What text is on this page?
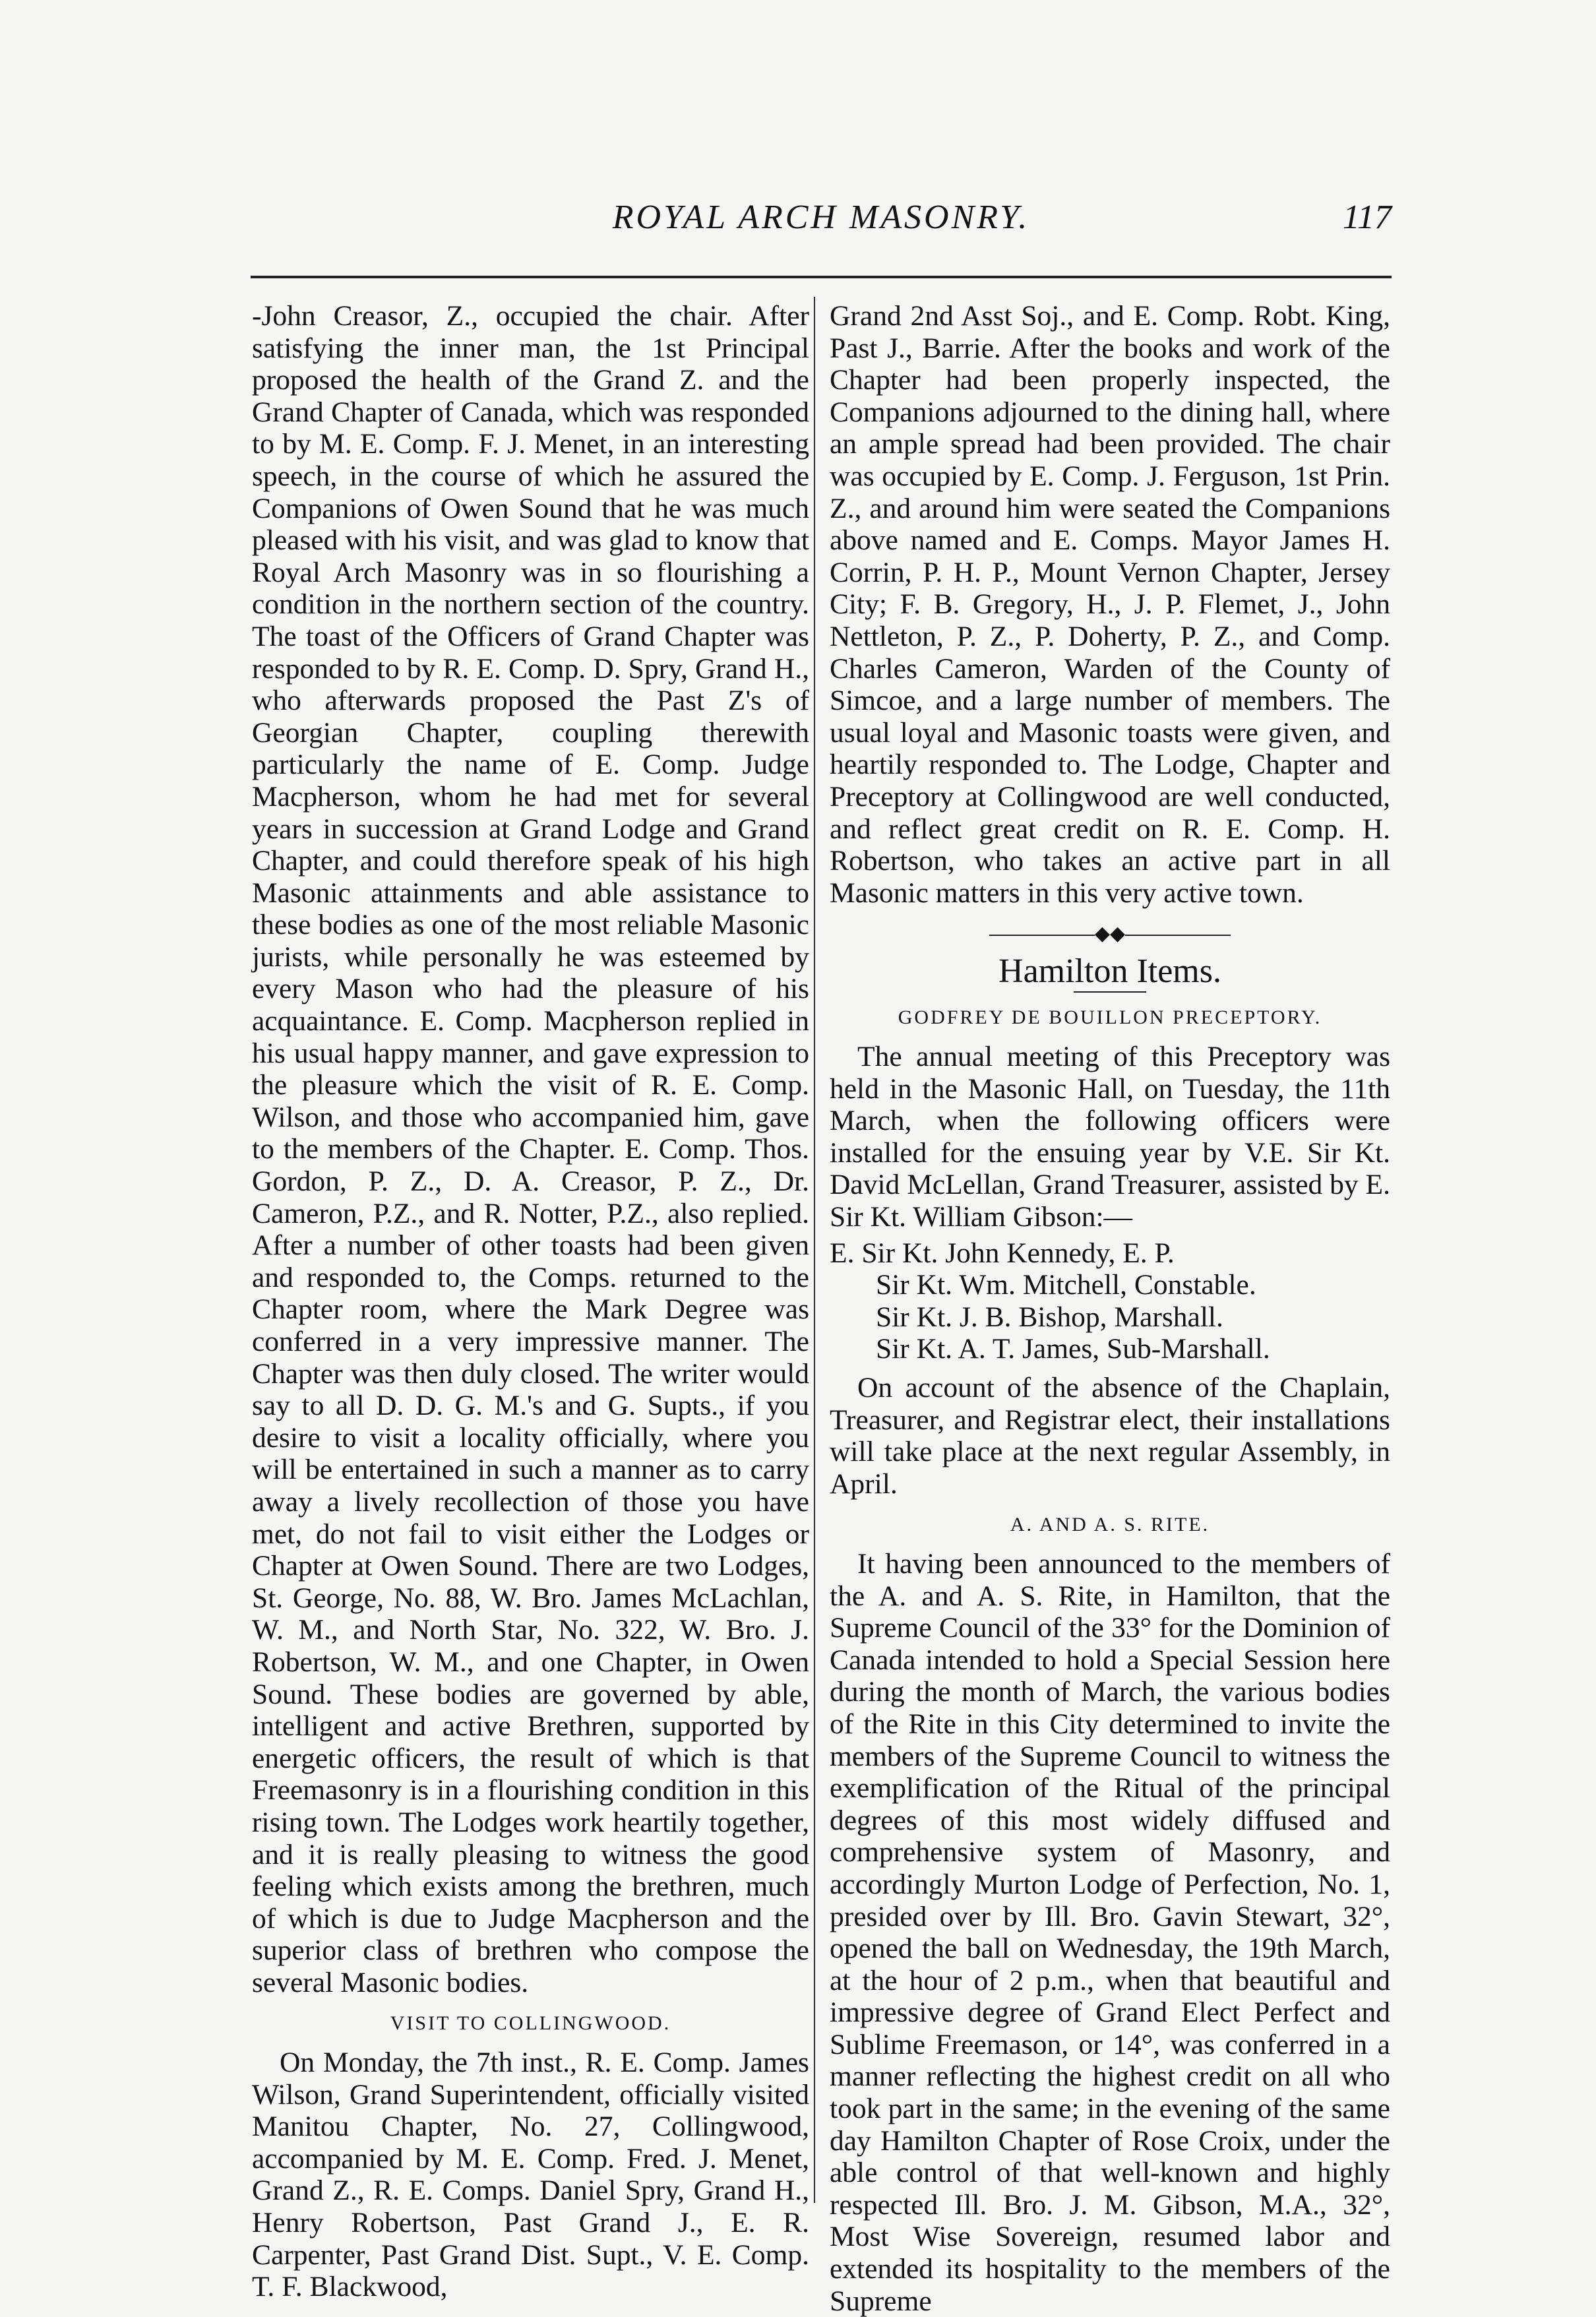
ROYAL ARCH MASONRY.	117

-John Creasor, Z., occupied the chair. After satisfying the inner man, the 1st Principal proposed the health of the Grand Z. and the Grand Chapter of Canada, which was responded to by M. E. Comp. F. J. Menet, in an interesting speech, in the course of which he assured the Companions of Owen Sound that he was much pleased with his visit, and was glad to know that Royal Arch Masonry was in so flourishing a condition in the northern section of the country. The toast of the Officers of Grand Chapter was responded to by R. E. Comp. D. Spry, Grand H., who afterwards proposed the Past Z's of Georgian Chapter, coupling therewith particularly the name of E. Comp. Judge Macpherson, whom he had met for several years in succession at Grand Lodge and Grand Chapter, and could therefore speak of his high Masonic attainments and able assistance to these bodies as one of the most reliable Masonic jurists, while personally he was esteemed by every Mason who had the pleasure of his acquaintance. E. Comp. Macpherson replied in his usual happy manner, and gave expression to the pleasure which the visit of R. E. Comp. Wilson, and those who accompanied him, gave to the members of the Chapter. E. Comp. Thos. Gordon, P. Z., D. A. Creasor, P. Z., Dr. Cameron, P.Z., and R. Notter, P.Z., also replied. After a number of other toasts had been given and responded to, the Comps. returned to the Chapter room, where the Mark Degree was conferred in a very impressive manner. The Chapter was then duly closed. The writer would say to all D. D. G. M.'s and G. Supts., if you desire to visit a locality officially, where you will be entertained in such a manner as to carry away a lively recollection of those you have met, do not fail to visit either the Lodges or Chapter at Owen Sound. There are two Lodges, St. George, No. 88, W. Bro. James McLachlan, W. M., and North Star, No. 322, W. Bro. J. Robertson, W. M., and one Chapter, in Owen Sound. These bodies are governed by able, intelligent and active Brethren, supported by energetic officers, the result of which is that Freemasonry is in a flourishing condition in this rising town. The Lodges work heartily together, and it is really pleasing to witness the good feeling which exists among the brethren, much of which is due to Judge Macpherson and the superior class of brethren who compose the several Masonic bodies.

VISIT TO COLLINGWOOD.

On Monday, the 7th inst., R. E. Comp. James Wilson, Grand Superintendent, officially visited Manitou Chapter, No. 27, Collingwood, accompanied by M. E. Comp. Fred. J. Menet, Grand Z., R. E. Comps. Daniel Spry, Grand H., Henry Robertson, Past Grand J., E. R. Carpenter, Past Grand Dist. Supt., V. E. Comp. T. F. Blackwood,

Grand 2nd Asst Soj., and E. Comp. Robt. King, Past J., Barrie. After the books and work of the Chapter had been properly inspected, the Companions adjourned to the dining hall, where an ample spread had been provided. The chair was occupied by E. Comp. J. Ferguson, 1st Prin. Z., and around him were seated the Companions above named and E. Comps. Mayor James H. Corrin, P. H. P., Mount Vernon Chapter, Jersey City; F. B. Gregory, H., J. P. Flemet, J., John Nettleton, P. Z., P. Doherty, P. Z., and Comp. Charles Cameron, Warden of the County of Simcoe, and a large number of members. The usual loyal and Masonic toasts were given, and heartily responded to. The Lodge, Chapter and Preceptory at Collingwood are well conducted, and reflect great credit on R. E. Comp. H. Robertson, who takes an active part in all Masonic matters in this very active town.

◆◆
Hamilton Items.
GODFREY DE BOUILLON PRECEPTORY.

The annual meeting of this Preceptory was held in the Masonic Hall, on Tuesday, the 11th March, when the following officers were installed for the ensuing year by V.E. Sir Kt. David McLellan, Grand Treasurer, assisted by E. Sir Kt. William Gibson:—

E. Sir Kt. John Kennedy, E. P.
Sir Kt. Wm. Mitchell, Constable.
Sir Kt. J. B. Bishop, Marshall.
Sir Kt. A. T. James, Sub-Marshall.

On account of the absence of the Chaplain, Treasurer, and Registrar elect, their installations will take place at the next regular Assembly, in April.

A. AND A. S. RITE.

It having been announced to the members of the A. and A. S. Rite, in Hamilton, that the Supreme Council of the 33° for the Dominion of Canada intended to hold a Special Session here during the month of March, the various bodies of the Rite in this City determined to invite the members of the Supreme Council to witness the exemplification of the Ritual of the principal degrees of this most widely diffused and comprehensive system of Masonry, and accordingly Murton Lodge of Perfection, No. 1, presided over by Ill. Bro. Gavin Stewart, 32°, opened the ball on Wednesday, the 19th March, at the hour of 2 p.m., when that beautiful and impressive degree of Grand Elect Perfect and Sublime Freemason, or 14°, was conferred in a manner reflecting the highest credit on all who took part in the same; in the evening of the same day Hamilton Chapter of Rose Croix, under the able control of that well-known and highly respected Ill. Bro. J. M. Gibson, M.A., 32°, Most Wise Sovereign, resumed labor and extended its hospitality to the members of the Supreme
